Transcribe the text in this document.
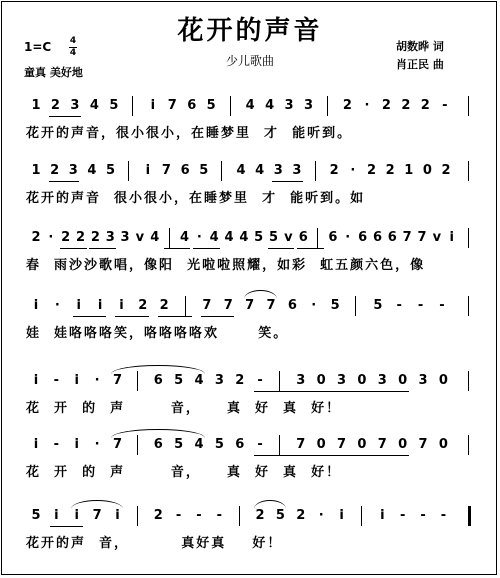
花开的声音
少儿歌曲
1=C 4
4
童真 美好地
胡数晔 词
肖正民 曲
1 2 3 4 5 i 7 6 5 4 4 3 3 2 · 2 2 2 -
花开的声音，很小很小，在睡梦里  才  能听到。
1 2 3 4 5 i 7 6 5 4 4 3 3 2 · 2 2 1 0 2
花开的声音  很小很小，在睡梦里  才  能听到。如
2 · 2 2 2 3 3 v 4 4 · 4 4 4 5 5 v 6 6 · 6 6 6 7 7 v i
春  雨沙沙歌唱，像阳  光啦啦照耀，如彩  虹五颜六色，像
i · i i i 2 2	7 7 7 7 6 · 5	5 - - -
娃  娃咯咯咯笑，咯咯咯咯欢      笑。
i - i · 7 6 5 4 3 2 -	3 0 3 0 3 0 3 0
花  开  的  声       音，    真  好  真  好！
i - i · 7 6 5 4 5 6 -	7 0 7 0 7 0 7 0
花  开  的  声       音，    真  好  真  好！
5 i i 7 i	2 - - -	2 5 2 · i	i - - -
花开的声  音，        真好真    好！
